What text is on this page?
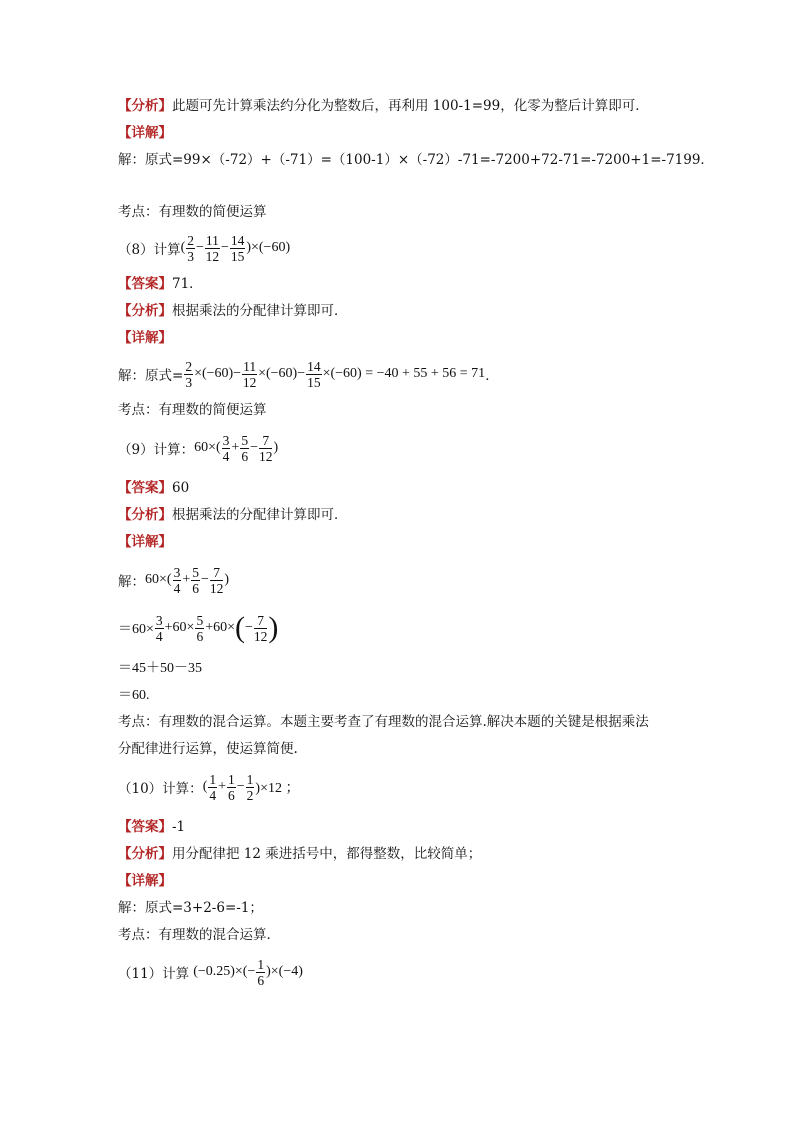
【分析】此题可先计算乘法约分化为整数后，再利用 100-1=99，化零为整后计算即可．
【详解】
解：原式=99×（-72）+（-71）=（100-1）×（-72）-71=-7200+72-71=-7200+1=-7199．
考点：有理数的简便运算
（8）计算 ( $\frac{2}{3} - \frac{11}{12} - \frac{14}{15} )\times(-60)$
【答案】71．
【分析】根据乘法的分配律计算即可．
【详解】
解：原式= $\frac{2}{3} \times(-60)- \frac{11}{12} \times(-60)- \frac{14}{15} \times(-60) = -40 + 55 + 56 = 71$ ．
考点：有理数的简便运算
（9）计算： $60\times( \frac{3}{4} + \frac{5}{6} - \frac{7}{12}$ )
【答案】60
【分析】根据乘法的分配律计算即可．
【详解】
解： $60\times( \frac{3}{4} + \frac{5}{6} - \frac{7}{12}$ )
$=60\times \frac{3}{4} +60\times \frac{5}{6} +60\times$ ( − $\frac{7}{12}$ )
＝45＋50－35
＝60.
考点：有理数的混合运算。本题主要考查了有理数的混合运算.解决本题的关键是根据乘法
分配律进行运算，使运算简便.
（10）计算： ( $\frac{1}{4} + \frac{1}{6} - \frac{1}{2} )\times 12$ ；
【答案】-1
【分析】用分配律把 12 乘进括号中，都得整数，比较简单；
【详解】
解：原式=3+2-6=-1；
考点：有理数的混合运算．
（11）计算 $(-0.25)\times(- \frac{1}{6} )\times(-4)$
